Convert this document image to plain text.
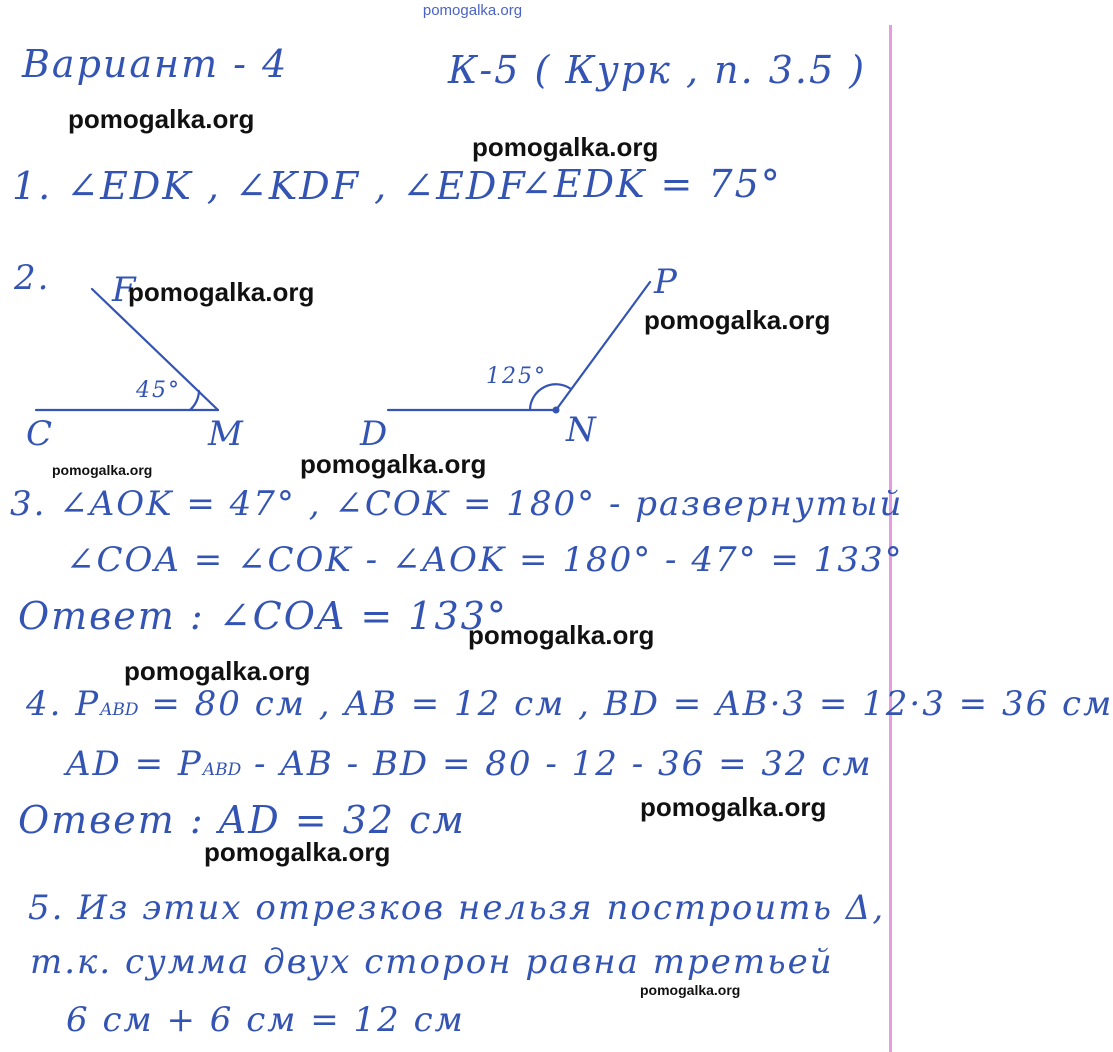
pomogalka.org
Вариант - 4	К-5 ( Курк , п. 3.5 )
1. ∠EDK , ∠KDF , ∠EDF
∠EDK = 75°
2.
45°
F
C	M
125°
P
D	N
3. ∠AOK = 47° , ∠COK = 180° - развернутый
∠COA = ∠COK - ∠AOK = 180° - 47° = 133°
Ответ : ∠COA = 133°
4. PABD = 80 см , AB = 12 см , BD = AB·3 = 12·3 = 36 см
AD = PABD - AB - BD = 80 - 12 - 36 = 32 см
Ответ : AD = 32 см
5. Из этих отрезков нельзя построить Δ,
т.к. сумма двух сторон равна третьей
6 см + 6 см = 12 см
pomogalka.org
pomogalka.org
pomogalka.org
pomogalka.org
pomogalka.org
pomogalka.org
pomogalka.org
pomogalka.org
pomogalka.org
pomogalka.org
pomogalka.org
